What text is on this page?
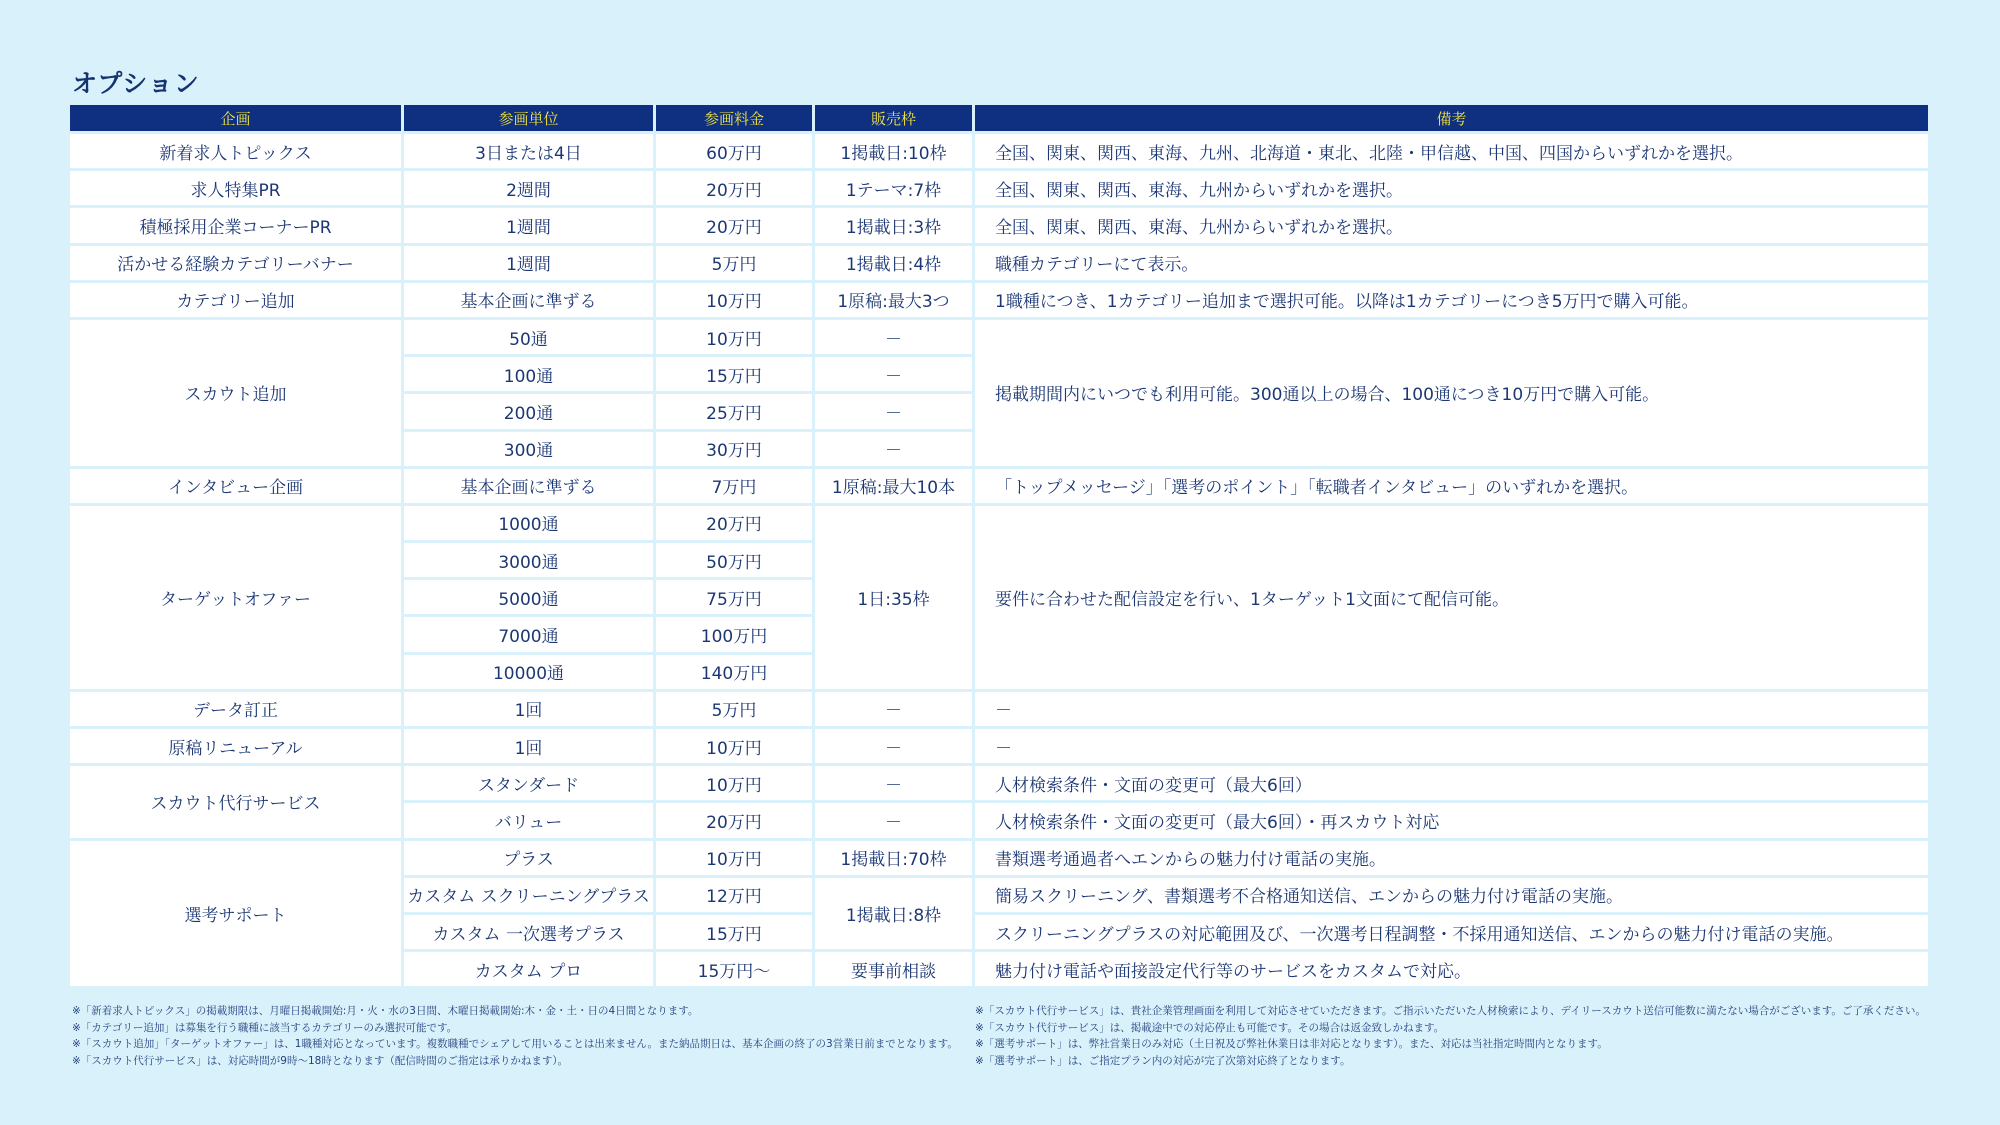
オプション
企画	参画単位	参画料金	販売枠	備考
新着求人トピックス	3日または4日	60万円	1掲載日:10枠	全国、関東、関西、東海、九州、北海道・東北、北陸・甲信越、中国、四国からいずれかを選択。
求人特集PR	2週間	20万円	1テーマ:7枠	全国、関東、関西、東海、九州からいずれかを選択。
積極採用企業コーナーPR	1週間	20万円	1掲載日:3枠	全国、関東、関西、東海、九州からいずれかを選択。
活かせる経験カテゴリーバナー	1週間	5万円	1掲載日:4枠	職種カテゴリーにて表示。
カテゴリー追加	基本企画に準ずる	10万円	1原稿:最大3つ	1職種につき、1カテゴリー追加まで選択可能。以降は1カテゴリーにつき5万円で購入可能。
スカウト追加	50通	10万円	－	掲載期間内にいつでも利用可能。300通以上の場合、100通につき10万円で購入可能。
	100通	15万円	－	
	200通	25万円	－	
	300通	30万円	－	
インタビュー企画	基本企画に準ずる	7万円	1原稿:最大10本	「トップメッセージ」「選考のポイント」「転職者インタビュー」のいずれかを選択。
ターゲットオファー	1000通	20万円	1日:35枠	要件に合わせた配信設定を行い、1ターゲット1文面にて配信可能。
	3000通	50万円		
	5000通	75万円		
	7000通	100万円		
	10000通	140万円		
データ訂正	1回	5万円	－	－
原稿リニューアル	1回	10万円	－	－
スカウト代行サービス	スタンダード	10万円	－	人材検索条件・文面の変更可（最大6回）
	バリュー	20万円	－	人材検索条件・文面の変更可（最大6回）・再スカウト対応
選考サポート	プラス	10万円	1掲載日:70枠	書類選考通過者へエンからの魅力付け電話の実施。
	カスタム スクリーニングプラス	12万円	1掲載日:8枠	簡易スクリーニング、書類選考不合格通知送信、エンからの魅力付け電話の実施。
	カスタム 一次選考プラス	15万円		スクリーニングプラスの対応範囲及び、一次選考日程調整・不採用通知送信、エンからの魅力付け電話の実施。
	カスタム プロ	15万円～	要事前相談	魅力付け電話や面接設定代行等のサービスをカスタムで対応。
※「新着求人トピックス」の掲載期限は、月曜日掲載開始:月・火・水の3日間、木曜日掲載開始:木・金・土・日の4日間となります。
※「カテゴリー追加」は募集を行う職種に該当するカテゴリーのみ選択可能です。
※「スカウト追加」「ターゲットオファー」は、1職種対応となっています。複数職種でシェアして用いることは出来ません。また納品期日は、基本企画の終了の3営業日前までとなります。
※「スカウト代行サービス」は、対応時間が9時～18時となります（配信時間のご指定は承りかねます）。
※「スカウト代行サービス」は、貴社企業管理画面を利用して対応させていただきます。ご指示いただいた人材検索により、デイリースカウト送信可能数に満たない場合がございます。ご了承ください。
※「スカウト代行サービス」は、掲載途中での対応停止も可能です。その場合は返金致しかねます。
※「選考サポート」は、弊社営業日のみ対応（土日祝及び弊社休業日は非対応となります）。また、対応は当社指定時間内となります。
※「選考サポート」は、ご指定プラン内の対応が完了次第対応終了となります。
